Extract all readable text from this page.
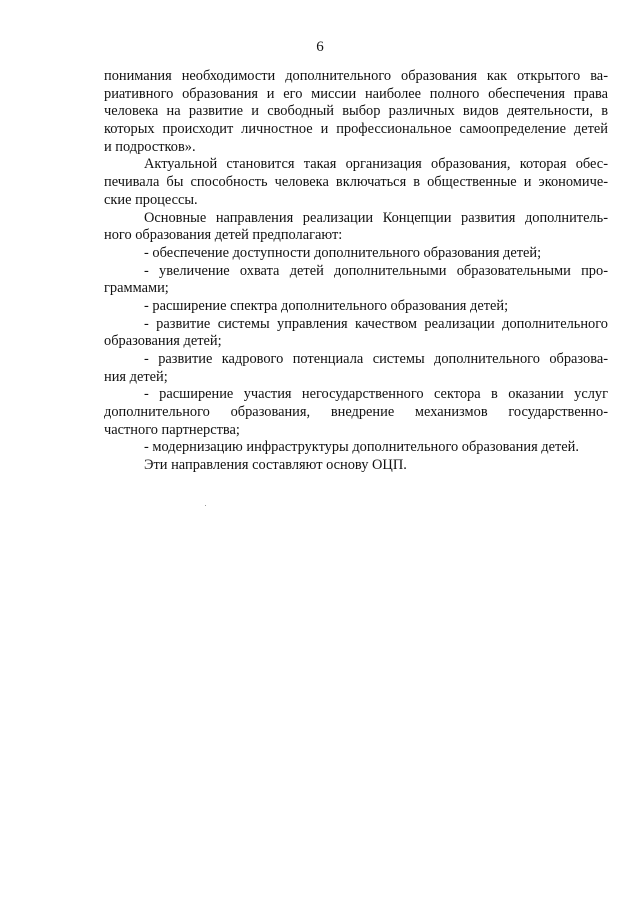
6
понимания необходимости дополнительного образования как открытого ва-
риативного образования и его миссии наиболее полного обеспечения права
человека на развитие и свободный выбор различных видов деятельности, в
которых происходит личностное и профессиональное самоопределение детей
и подростков».
Актуальной становится такая организация образования, которая обес-
печивала бы способность человека включаться в общественные и экономиче-
ские процессы.
Основные направления реализации Концепции развития дополнитель-
ного образования детей предполагают:
- обеспечение доступности дополнительного образования детей;
- увеличение охвата детей дополнительными образовательными про-
граммами;
- расширение спектра дополнительного образования детей;
- развитие системы управления качеством реализации дополнительного
образования детей;
- развитие кадрового потенциала системы дополнительного образова-
ния детей;
- расширение участия негосударственного сектора в оказании услуг
дополнительного образования, внедрение механизмов государственно-
частного партнерства;
- модернизацию инфраструктуры дополнительного образования детей.
Эти направления составляют основу ОЦП.
